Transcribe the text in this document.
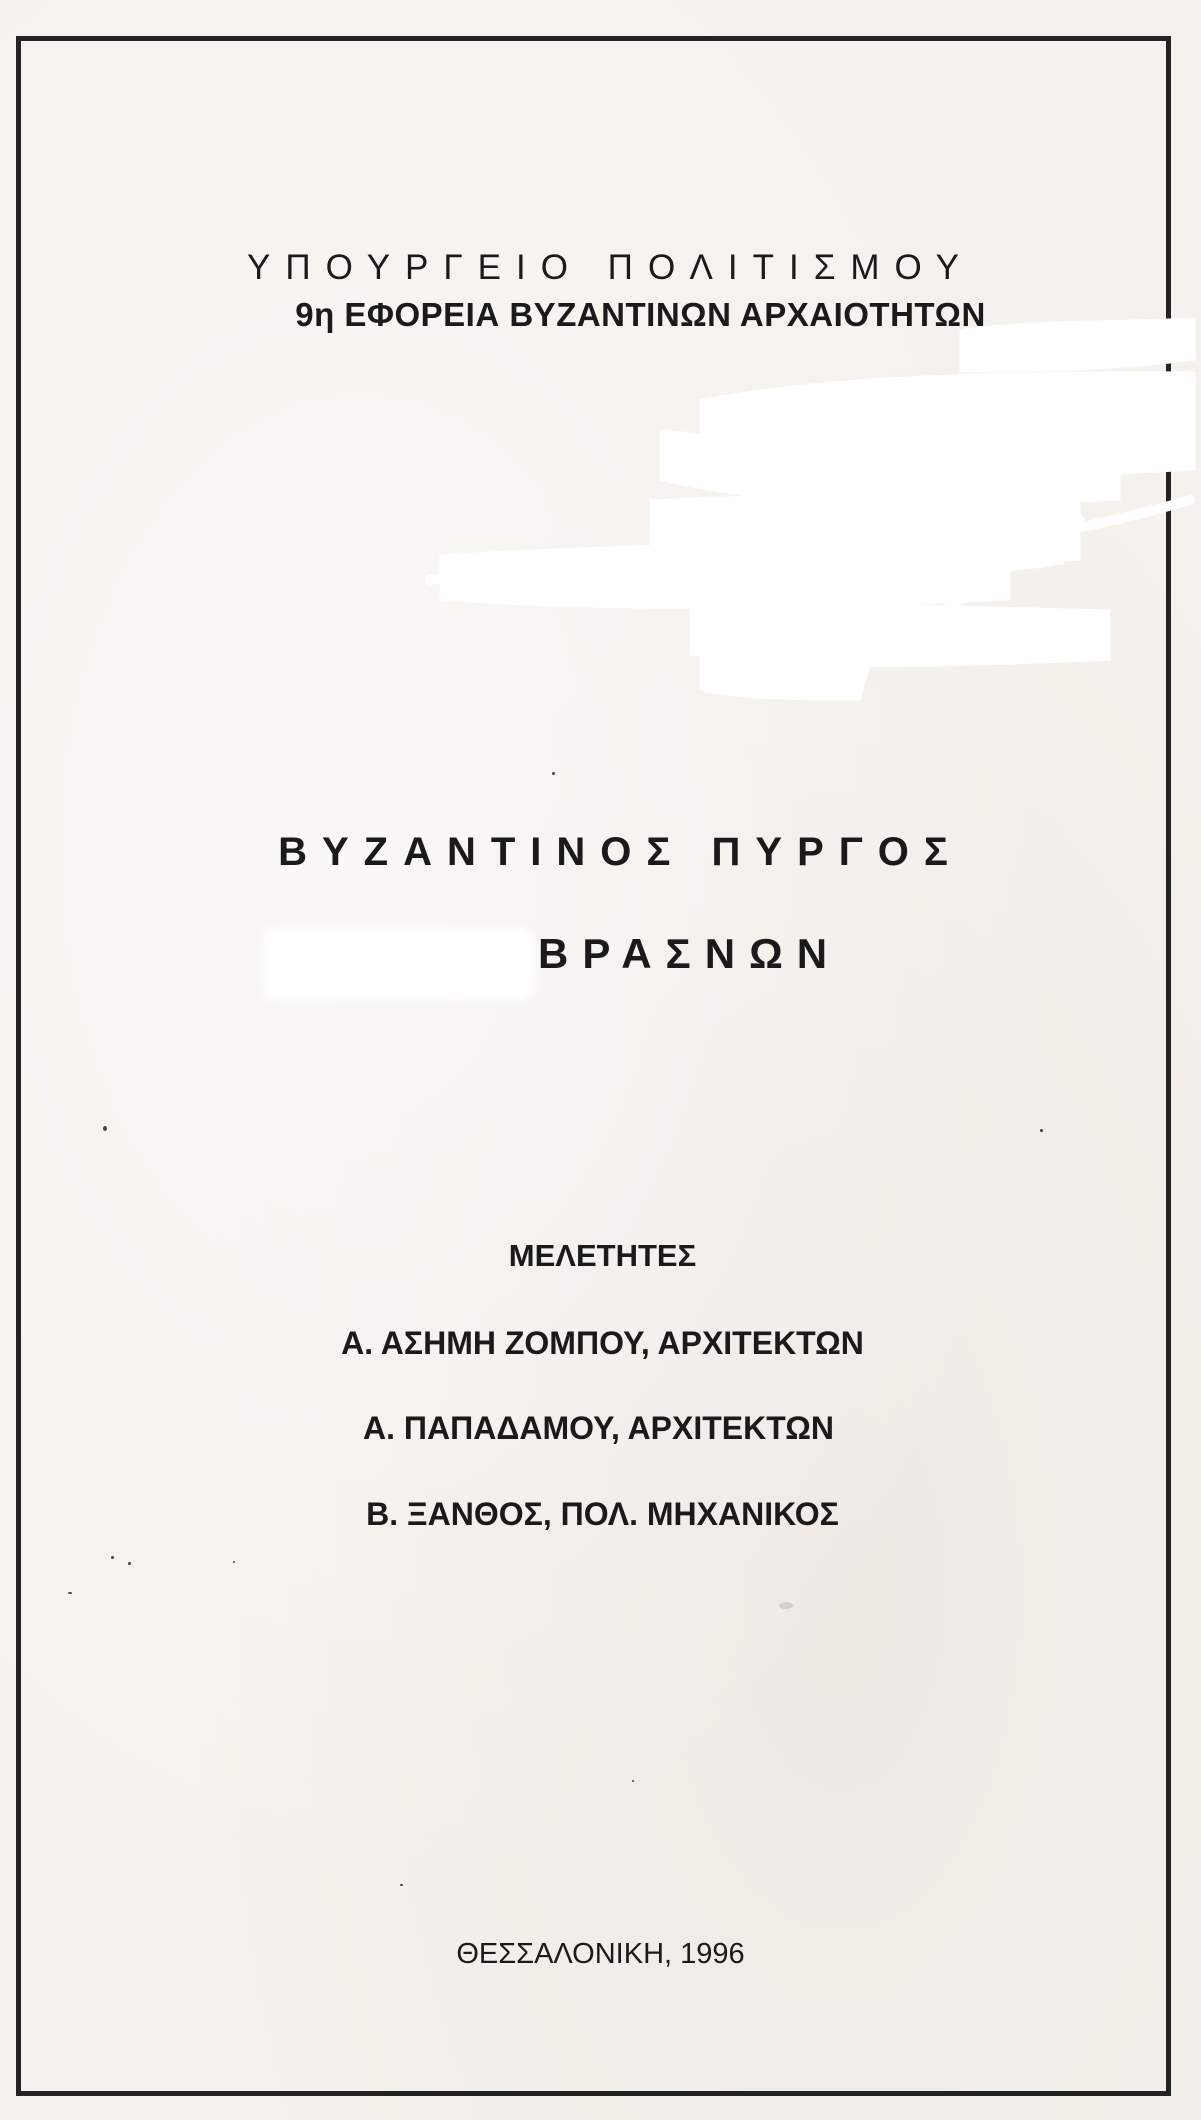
ΥΠΟΥΡΓΕΙΟ ΠΟΛΙΤΙΣΜΟΥ
9η ΕΦΟΡΕΙΑ ΒΥΖΑΝΤΙΝΩΝ ΑΡΧΑΙΟΤΗΤΩΝ
ΒΥΖΑΝΤΙΝΟΣ ΠΥΡΓΟΣ
ΒΡΑΣΝΩΝ
ΜΕΛΕΤΗΤΕΣ
Α. ΑΣΗΜΗ ΖΟΜΠΟΥ, ΑΡΧΙΤΕΚΤΩΝ
Α. ΠΑΠΑΔΑΜΟΥ, ΑΡΧΙΤΕΚΤΩΝ
Β. ΞΑΝΘΟΣ, ΠΟΛ. ΜΗΧΑΝΙΚΟΣ
ΘΕΣΣΑΛΟΝΙΚΗ, 1996
